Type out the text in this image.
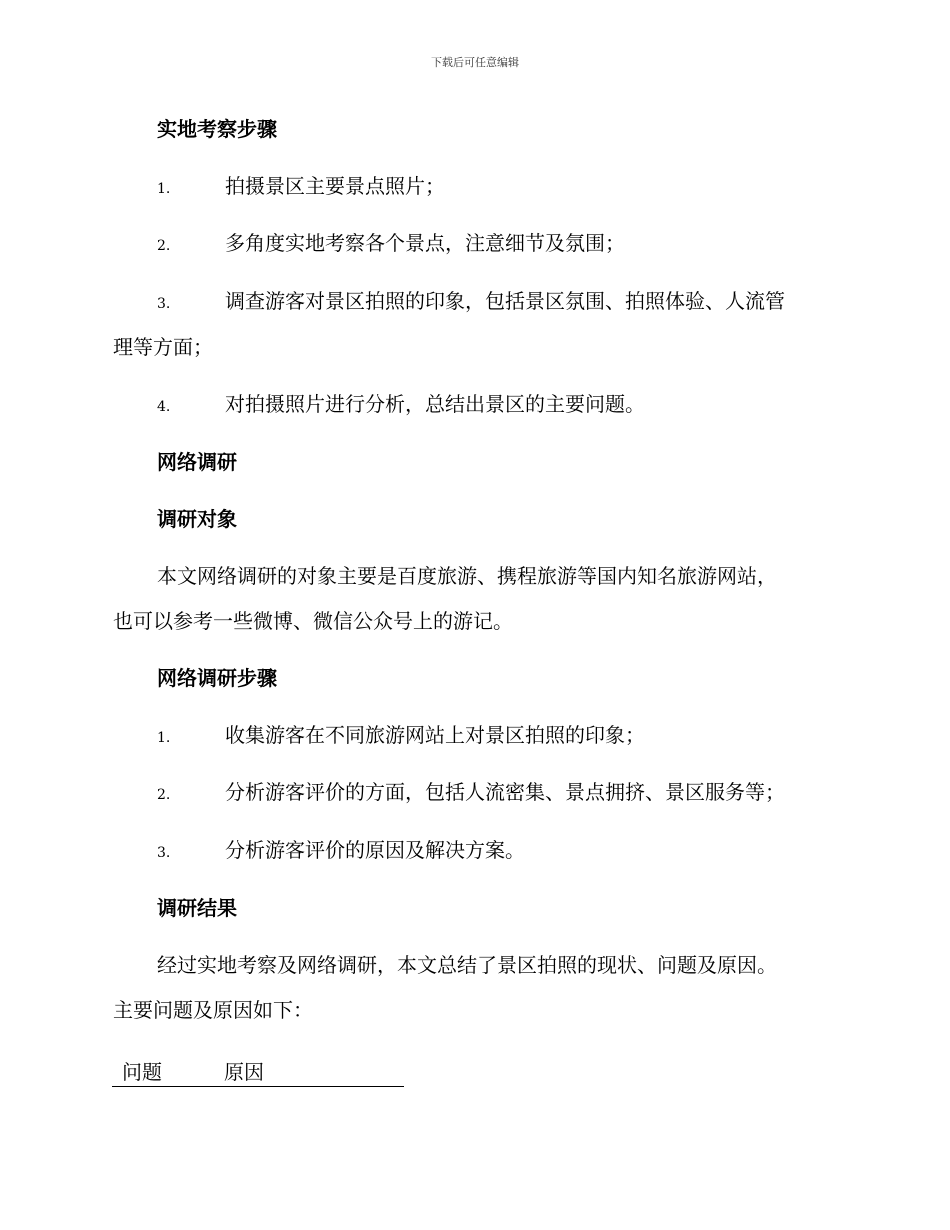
下载后可任意编辑
实地考察步骤
1.	拍摄景区主要景点照片；
2.	多角度实地考察各个景点，注意细节及氛围；
3.	调查游客对景区拍照的印象，包括景区氛围、拍照体验、人流管
理等方面；
4.	对拍摄照片进行分析，总结出景区的主要问题。
网络调研
调研对象
本文网络调研的对象主要是百度旅游、携程旅游等国内知名旅游网站，
也可以参考一些微博、微信公众号上的游记。
网络调研步骤
1.	收集游客在不同旅游网站上对景区拍照的印象；
2.	分析游客评价的方面，包括人流密集、景点拥挤、景区服务等；
3.	分析游客评价的原因及解决方案。
调研结果
经过实地考察及网络调研，本文总结了景区拍照的现状、问题及原因。
主要问题及原因如下：
问题	原因
